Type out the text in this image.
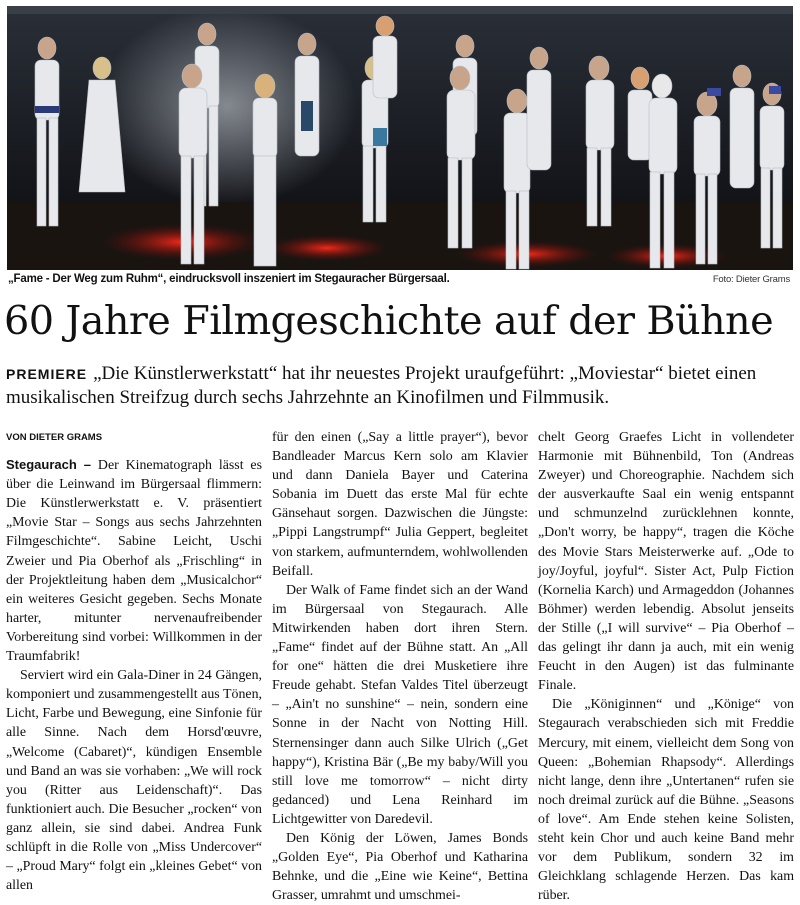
„Fame - Der Weg zum Ruhm“, eindrucksvoll inszeniert im Stegauracher Bürgersaal.	Foto: Dieter Grams
60 Jahre Filmgeschichte auf der Bühne
PREMIERE „Die Künstlerwerkstatt“ hat ihr neuestes Projekt uraufgeführt: „Moviestar“ bietet einen musikalischen Streifzug durch sechs Jahrzehnte an Kinofilmen und Filmmusik.
VON DIETER GRAMS

Stegaurach – Der Kinematograph lässt es über die Leinwand im Bürgersaal flimmern: Die Künstlerwerkstatt e. V. präsentiert „Movie Star – Songs aus sechs Jahrzehnten Filmgeschichte“. Sabine Leicht, Uschi Zweier und Pia Oberhof als „Frischling“ in der Projektleitung haben dem „Musicalchor“ ein weiteres Gesicht gegeben. Sechs Monate harter, mitunter nervenaufreibender Vorbereitung sind vorbei: Willkommen in der Traumfabrik!

Serviert wird ein Gala-Diner in 24 Gängen, komponiert und zusammengestellt aus Tönen, Licht, Farbe und Bewegung, eine Sinfonie für alle Sinne. Nach dem Horsd'œuvre, „Welcome (Cabaret)“, kündigen Ensemble und Band an was sie vorhaben: „We will rock you (Ritter aus Leidenschaft)“. Das funktioniert auch. Die Besucher „rocken“ von ganz allein, sie sind dabei. Andrea Funk schlüpft in die Rolle von „Miss Undercover“ – „Proud Mary“ folgt ein „kleines Gebet“ von allen

für den einen („Say a little prayer“), bevor Bandleader Marcus Kern solo am Klavier und dann Daniela Bayer und Caterina Sobania im Duett das erste Mal für echte Gänsehaut sorgen. Dazwischen die Jüngste: „Pippi Langstrumpf“ Julia Geppert, begleitet von starkem, aufmunterndem, wohlwollenden Beifall.

Der Walk of Fame findet sich an der Wand im Bürgersaal von Stegaurach. Alle Mitwirkenden haben dort ihren Stern. „Fame“ findet auf der Bühne statt. An „All for one“ hätten die drei Musketiere ihre Freude gehabt. Stefan Valdes Titel überzeugt – „Ain't no sunshine“ – nein, sondern eine Sonne in der Nacht von Notting Hill. Sternensinger dann auch Silke Ulrich („Get happy“), Kristina Bär („Be my baby/Will you still love me tomorrow“ – nicht dirty gedanced) und Lena Reinhard im Lichtgewitter von Daredevil.

Den König der Löwen, James Bonds „Golden Eye“, Pia Oberhof und Katharina Behnke, und die „Eine wie Keine“, Bettina Grasser, umrahmt und umschmei-

chelt Georg Graefes Licht in vollendeter Harmonie mit Bühnenbild, Ton (Andreas Zweyer) und Choreographie. Nachdem sich der ausverkaufte Saal ein wenig entspannt und schmunzelnd zurücklehnen konnte, „Don't worry, be happy“, tragen die Köche des Movie Stars Meisterwerke auf. „Ode to joy/Joyful, joyful“. Sister Act, Pulp Fiction (Kornelia Karch) und Armageddon (Johannes Böhmer) werden lebendig. Absolut jenseits der Stille („I will survive“ – Pia Oberhof – das gelingt ihr dann ja auch, mit ein wenig Feucht in den Augen) ist das fulminante Finale.

Die „Königinnen“ und „Könige“ von Stegaurach verabschieden sich mit Freddie Mercury, mit einem, vielleicht dem Song von Queen: „Bohemian Rhapsody“. Allerdings nicht lange, denn ihre „Untertanen“ rufen sie noch dreimal zurück auf die Bühne. „Seasons of love“. Am Ende stehen keine Solisten, steht kein Chor und auch keine Band mehr vor dem Publikum, sondern 32 im Gleichklang schlagende Herzen. Das kam rüber.
